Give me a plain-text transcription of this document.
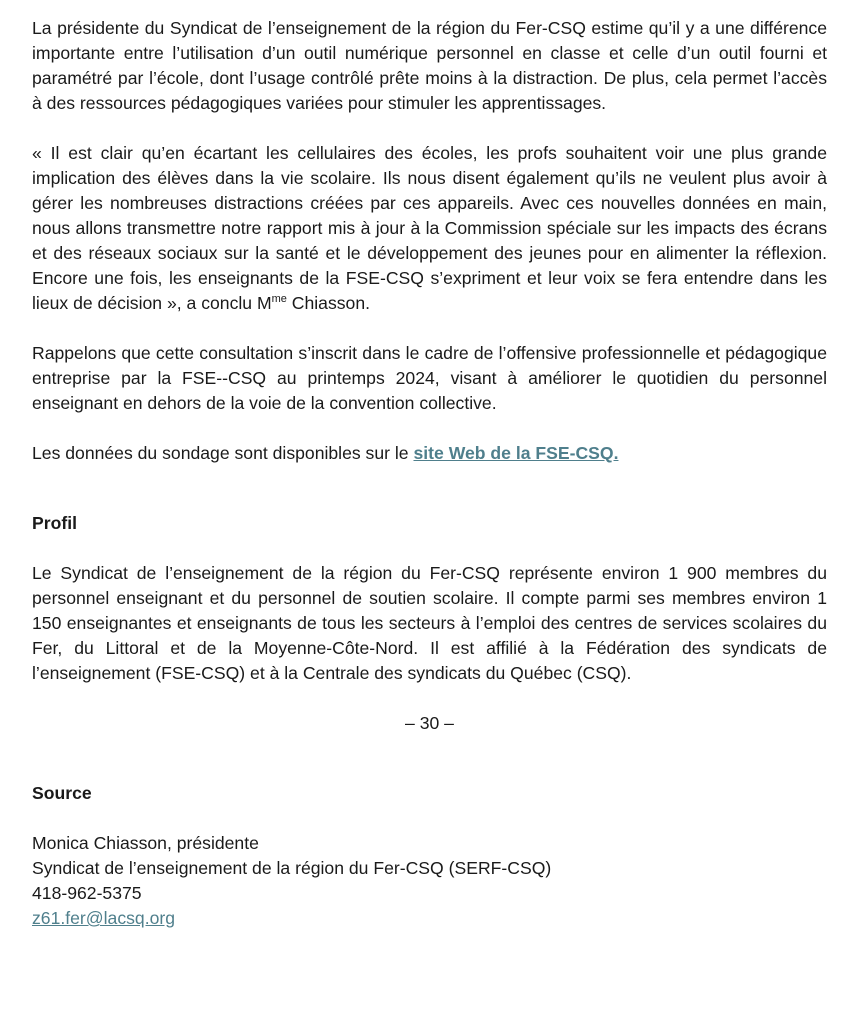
La présidente du Syndicat de l’enseignement de la région du Fer-CSQ estime qu’il y a une différence importante entre l’utilisation d’un outil numérique personnel en classe et celle d’un outil fourni et paramétré par l’école, dont l’usage contrôlé prête moins à la distraction. De plus, cela permet l’accès à des ressources pédagogiques variées pour stimuler les apprentissages.

« Il est clair qu’en écartant les cellulaires des écoles, les profs souhaitent voir une plus grande implication des élèves dans la vie scolaire. Ils nous disent également qu’ils ne veulent plus avoir à gérer les nombreuses distractions créées par ces appareils. Avec ces nouvelles données en main, nous allons transmettre notre rapport mis à jour à la Commission spéciale sur les impacts des écrans et des réseaux sociaux sur la santé et le développement des jeunes pour en alimenter la réflexion. Encore une fois, les enseignants de la FSE-CSQ s’expriment et leur voix se fera entendre dans les lieux de décision », a conclu $M^{me}$ Chiasson.

Rappelons que cette consultation s’inscrit dans le cadre de l’offensive professionnelle et pédagogique entreprise par la FSE--CSQ au printemps 2024, visant à améliorer le quotidien du personnel enseignant en dehors de la voie de la convention collective.

Les données du sondage sont disponibles sur le site Web de la FSE-CSQ.

Profil

Le Syndicat de l’enseignement de la région du Fer-CSQ représente environ 1 900 membres du personnel enseignant et du personnel de soutien scolaire. Il compte parmi ses membres environ 1 150 enseignantes et enseignants de tous les secteurs à l’emploi des centres de services scolaires du Fer, du Littoral et de la Moyenne-Côte-Nord. Il est affilié à la Fédération des syndicats de l’enseignement (FSE-CSQ) et à la Centrale des syndicats du Québec (CSQ).

– 30 –

Source

Monica Chiasson, présidente

Syndicat de l’enseignement de la région du Fer-CSQ (SERF-CSQ)

418-962-5375

z61.fer@lacsq.org
